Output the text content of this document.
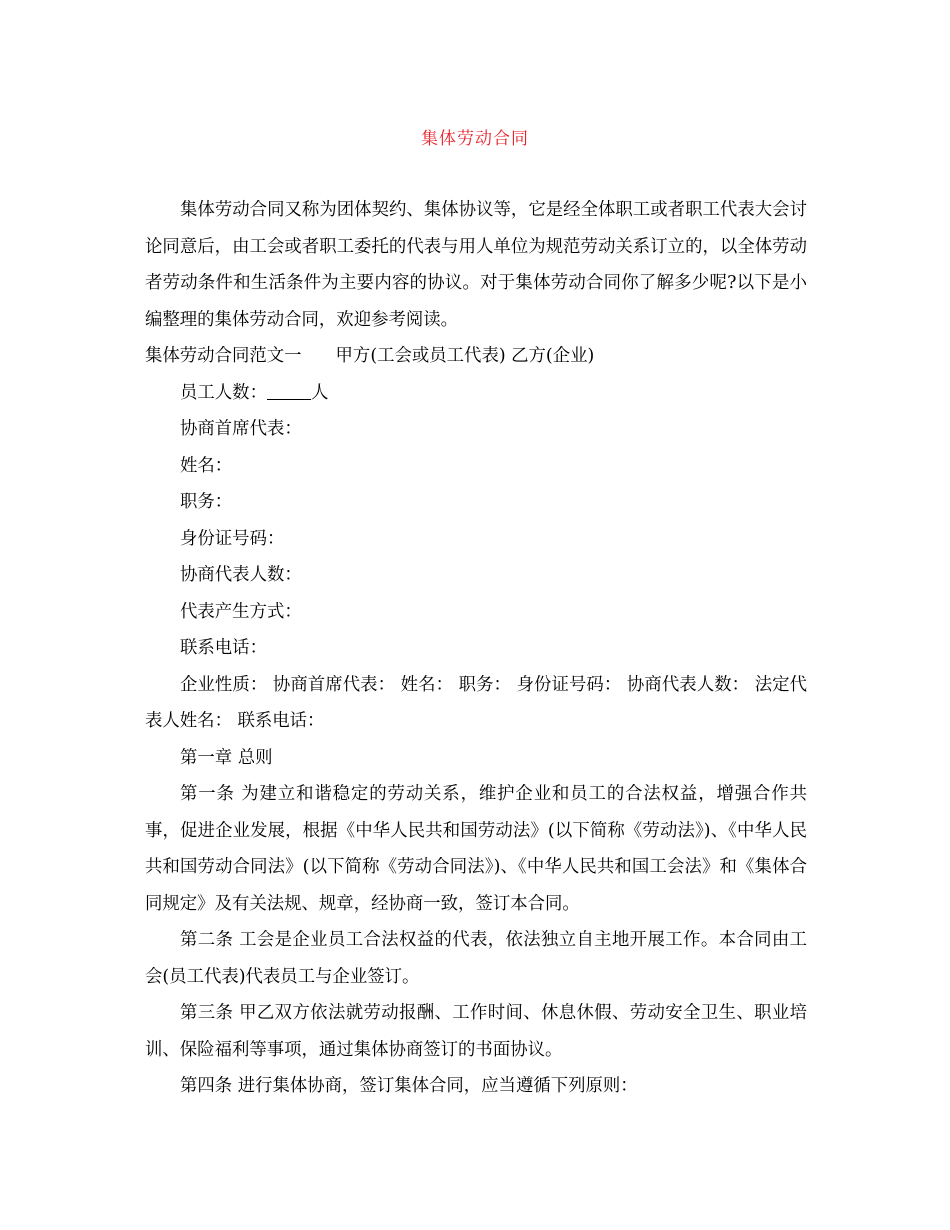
集体劳动合同

集体劳动合同又称为团体契约、集体协议等，它是经全体职工或者职工代表大会讨论同意后，由工会或者职工委托的代表与用人单位为规范劳动关系订立的，以全体劳动者劳动条件和生活条件为主要内容的协议。对于集体劳动合同你了解多少呢?以下是小编整理的集体劳动合同，欢迎参考阅读。

集体劳动合同范文一 甲方(工会或员工代表) 乙方(企业)

员工人数：	人

协商首席代表：

姓名：

职务：

身份证号码：

协商代表人数：

代表产生方式：

联系电话：

企业性质： 协商首席代表： 姓名： 职务： 身份证号码： 协商代表人数： 法定代表人姓名： 联系电话：

第一章 总则

第一条 为建立和谐稳定的劳动关系，维护企业和员工的合法权益，增强合作共事，促进企业发展，根据《中华人民共和国劳动法》(以下简称《劳动法》)、《中华人民共和国劳动合同法》(以下简称《劳动合同法》)、《中华人民共和国工会法》和《集体合同规定》及有关法规、规章，经协商一致，签订本合同。

第二条 工会是企业员工合法权益的代表，依法独立自主地开展工作。本合同由工会(员工代表)代表员工与企业签订。

第三条 甲乙双方依法就劳动报酬、工作时间、休息休假、劳动安全卫生、职业培训、保险福利等事项，通过集体协商签订的书面协议。

第四条 进行集体协商，签订集体合同，应当遵循下列原则：
